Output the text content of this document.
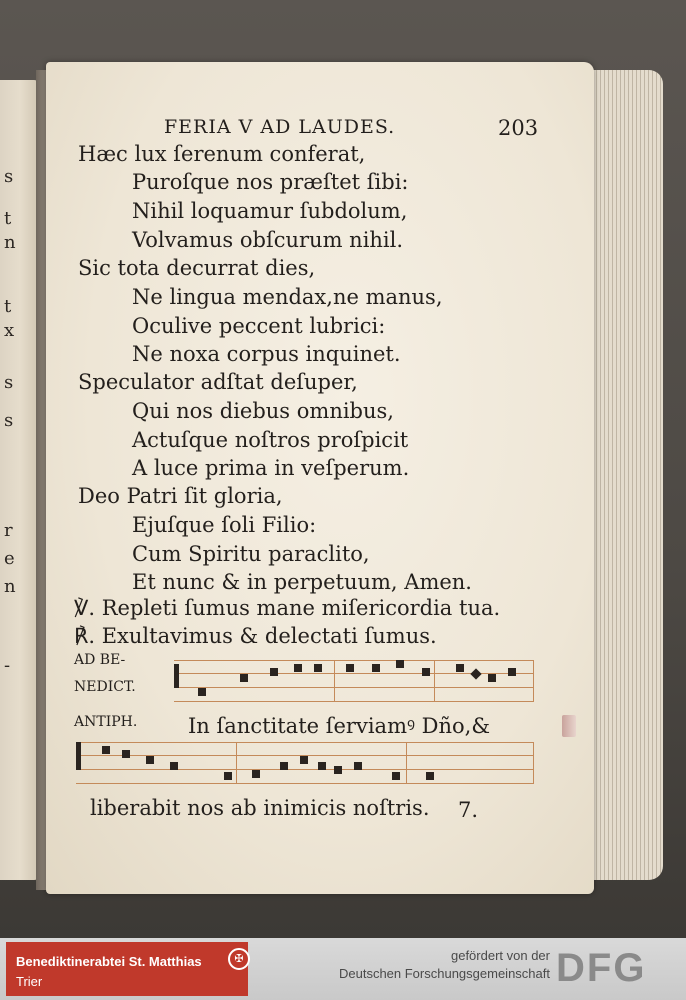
s
t
n
t
x
s
s
r
e
n
-
FERIA V AD LAUDES.	203
Hæc lux ſerenum conferat,
Puroſque nos præſtet ſibi:
Nihil loquamur ſubdolum,
Volvamus obſcurum nihil.
Sic tota decurrat dies,
Ne lingua mendax,ne manus,
Oculive peccent lubrici:
Ne noxa corpus inquinet.
Speculator adſtat deſuper,
Qui nos diebus omnibus,
Actuſque noſtros proſpicit
A luce prima in veſperum.
Deo Patri ſit gloria,
Ejuſque ſoli Filio:
Cum Spiritu paraclito,
Et nunc & in perpetuum, Amen.
℣. Repleti ſumus mane miſericordia tua.
℟. Exultavimus & delectati ſumus.
AD BE-
NEDICT.
ANTIPH. In ſanctitate ſerviamꝰ Dño,&
liberabit nos ab inimicis noſtris. 7.
Benediktinerabtei St. Matthias
Trier
✠	gefördert von der
Deutschen Forschungsgemeinschaft DFG
